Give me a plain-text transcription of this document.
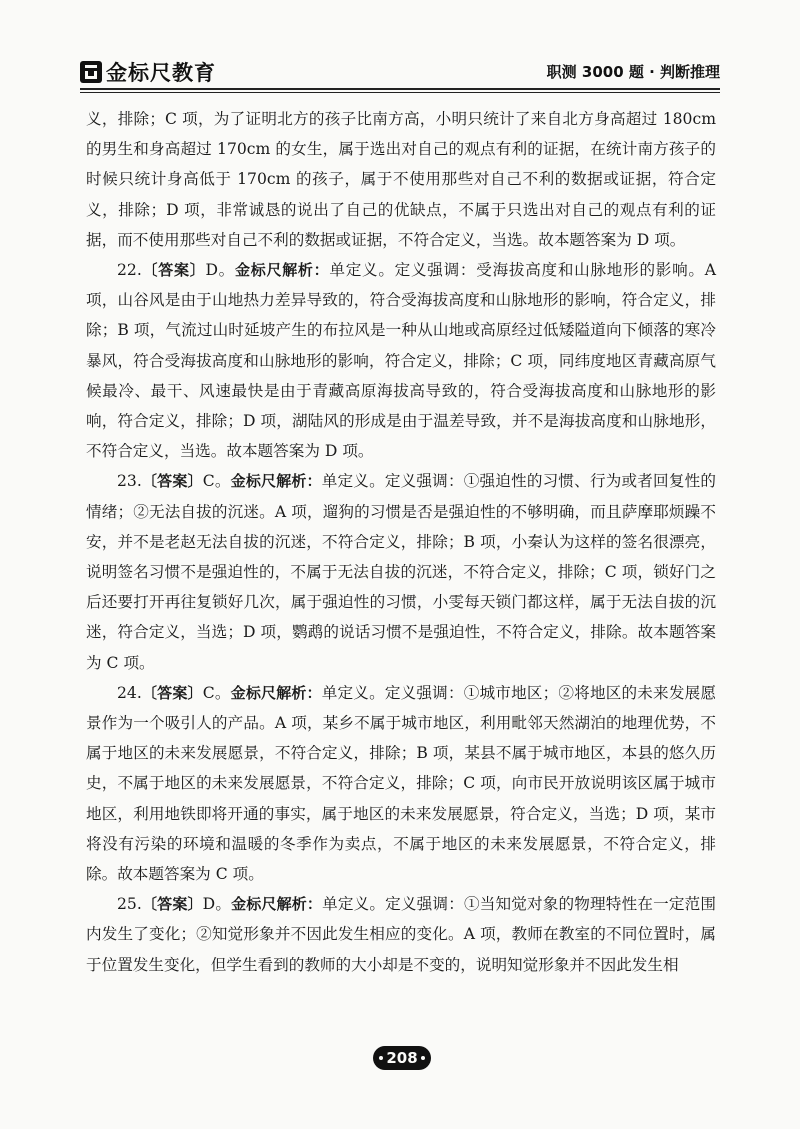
金标尺教育	职测 3000 题 · 判断推理

义，排除；C 项，为了证明北方的孩子比南方高，小明只统计了来自北方身高超过 180cm 的男生和身高超过 170cm 的女生，属于选出对自己的观点有利的证据，在统计南方孩子的时候只统计身高低于 170cm 的孩子，属于不使用那些对自己不利的数据或证据，符合定义，排除；D 项，非常诚恳的说出了自己的优缺点，不属于只选出对自己的观点有利的证据，而不使用那些对自己不利的数据或证据，不符合定义，当选。故本题答案为 D 项。

22.〔答案〕D。金标尺解析：单定义。定义强调：受海拔高度和山脉地形的影响。A 项，山谷风是由于山地热力差异导致的，符合受海拔高度和山脉地形的影响，符合定义，排除；B 项，气流过山时延坡产生的布拉风是一种从山地或高原经过低矮隘道向下倾落的寒冷暴风，符合受海拔高度和山脉地形的影响，符合定义，排除；C 项，同纬度地区青藏高原气候最冷、最干、风速最快是由于青藏高原海拔高导致的，符合受海拔高度和山脉地形的影响，符合定义，排除；D 项，湖陆风的形成是由于温差导致，并不是海拔高度和山脉地形，不符合定义，当选。故本题答案为 D 项。

23.〔答案〕C。金标尺解析：单定义。定义强调：①强迫性的习惯、行为或者回复性的情绪；②无法自拔的沉迷。A 项，遛狗的习惯是否是强迫性的不够明确，而且萨摩耶烦躁不安，并不是老赵无法自拔的沉迷，不符合定义，排除；B 项，小秦认为这样的签名很漂亮，说明签名习惯不是强迫性的，不属于无法自拔的沉迷，不符合定义，排除；C 项，锁好门之后还要打开再往复锁好几次，属于强迫性的习惯，小雯每天锁门都这样，属于无法自拔的沉迷，符合定义，当选；D 项，鹦鹉的说话习惯不是强迫性，不符合定义，排除。故本题答案为 C 项。

24.〔答案〕C。金标尺解析：单定义。定义强调：①城市地区；②将地区的未来发展愿景作为一个吸引人的产品。A 项，某乡不属于城市地区，利用毗邻天然湖泊的地理优势，不属于地区的未来发展愿景，不符合定义，排除；B 项，某县不属于城市地区，本县的悠久历史，不属于地区的未来发展愿景，不符合定义，排除；C 项，向市民开放说明该区属于城市地区，利用地铁即将开通的事实，属于地区的未来发展愿景，符合定义，当选；D 项，某市将没有污染的环境和温暖的冬季作为卖点，不属于地区的未来发展愿景，不符合定义，排除。故本题答案为 C 项。

25.〔答案〕D。金标尺解析：单定义。定义强调：①当知觉对象的物理特性在一定范围内发生了变化；②知觉形象并不因此发生相应的变化。A 项，教师在教室的不同位置时，属于位置发生变化，但学生看到的教师的大小却是不变的，说明知觉形象并不因此发生相

208
